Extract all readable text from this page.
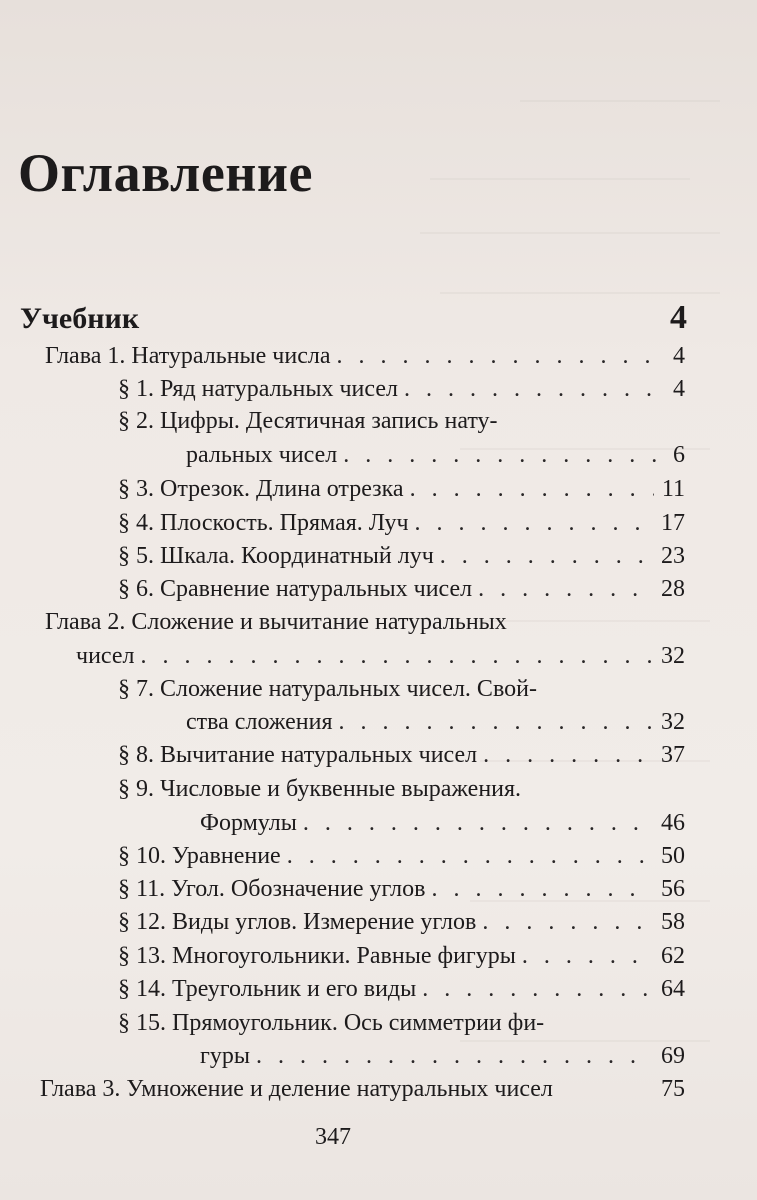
Оглавление
Учебник	4
Глава 1. Натуральные числа . . .	4
§ 1. Ряд натуральных чисел . . .	4
§ 2. Цифры. Десятичная запись нату-
ральных чисел . . .	6
§ 3. Отрезок. Длина отрезка . . .	11
§ 4. Плоскость. Прямая. Луч . . .	17
§ 5. Шкала. Координатный луч . . .	23
§ 6. Сравнение натуральных чисел . . .	28
Глава 2. Сложение и вычитание натуральных
чисел . . .	32
§ 7. Сложение натуральных чисел. Свой-
ства сложения . . .	32
§ 8. Вычитание натуральных чисел . . .	37
§ 9. Числовые и буквенные выражения.
Формулы . . .	46
§ 10. Уравнение . . .	50
§ 11. Угол. Обозначение углов . . .	56
§ 12. Виды углов. Измерение углов . . .	58
§ 13. Многоугольники. Равные фигуры . . .	62
§ 14. Треугольник и его виды . . .	64
§ 15. Прямоугольник. Ось симметрии фи-
гуры . . .	69
Глава 3. Умножение и деление натуральных чисел	75
347
